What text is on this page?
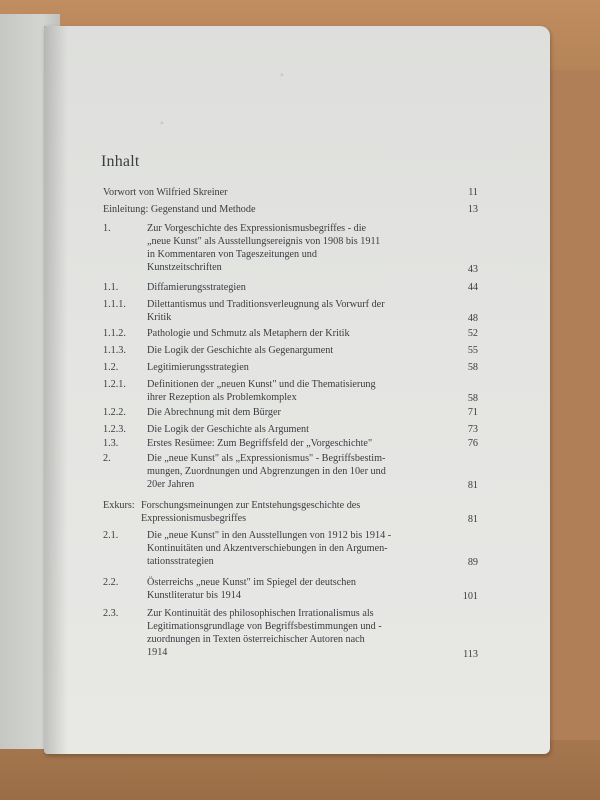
▪
▪
Inhalt
Vorwort von Wilfried Skreiner	11
Einleitung: Gegenstand und Methode	13
1.	Zur Vorgeschichte des Expressionismusbegriffes - die
„neue Kunst" als Ausstellungsereignis von 1908 bis 1911
in Kommentaren von Tageszeitungen und
Kunstzeitschriften	43
1.1.	Diffamierungsstrategien	44
1.1.1. Dilettantismus und Traditionsverleugnung als Vorwurf der
Kritik	48
1.1.2. Pathologie und Schmutz als Metaphern der Kritik	52
1.1.3. Die Logik der Geschichte als Gegenargument	55
1.2.	Legitimierungsstrategien	58
1.2.1. Definitionen der „neuen Kunst" und die Thematisierung
ihrer Rezeption als Problemkomplex	58
1.2.2. Die Abrechnung mit dem Bürger	71
1.2.3. Die Logik der Geschichte als Argument	73
1.3.	Erstes Resümee: Zum Begriffsfeld der „Vorgeschichte"	76
2.	Die „neue Kunst" als „Expressionismus" - Begriffsbestim-
mungen, Zuordnungen und Abgrenzungen in den 10er und
20er Jahren	81
Exkurs: Forschungsmeinungen zur Entstehungsgeschichte des
Expressionismusbegriffes	81
2.1.	Die „neue Kunst" in den Ausstellungen von 1912 bis 1914 -
Kontinuitäten und Akzentverschiebungen in den Argumen-
tationsstrategien	89
2.2.	Österreichs „neue Kunst" im Spiegel der deutschen
Kunstliteratur bis 1914	101
2.3.	Zur Kontinuität des philosophischen Irrationalismus als
Legitimationsgrundlage von Begriffsbestimmungen und -
zuordnungen in Texten österreichischer Autoren nach
1914	113
